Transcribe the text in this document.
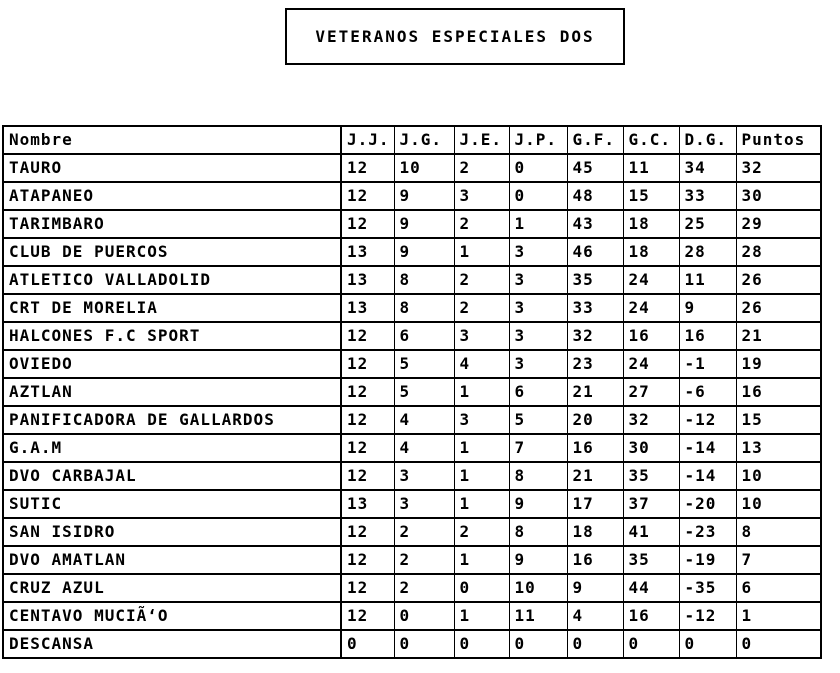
VETERANOS ESPECIALES DOS
Nombre	J.J.	J.G.	J.E.	J.P.	G.F.	G.C.	D.G.	Puntos
TAURO	12	10	2	0	45	11	34	32
ATAPANEO	12	9	3	0	48	15	33	30
TARIMBARO	12	9	2	1	43	18	25	29
CLUB DE PUERCOS	13	9	1	3	46	18	28	28
ATLETICO VALLADOLID	13	8	2	3	35	24	11	26
CRT DE MORELIA	13	8	2	3	33	24	9	26
HALCONES F.C SPORT	12	6	3	3	32	16	16	21
OVIEDO	12	5	4	3	23	24	-1	19
AZTLAN	12	5	1	6	21	27	-6	16
PANIFICADORA DE GALLARDOS	12	4	3	5	20	32	-12	15
G.A.M	12	4	1	7	16	30	-14	13
DVO CARBAJAL	12	3	1	8	21	35	-14	10
SUTIC	13	3	1	9	17	37	-20	10
SAN ISIDRO	12	2	2	8	18	41	-23	8
DVO AMATLAN	12	2	1	9	16	35	-19	7
CRUZ AZUL	12	2	0	10	9	44	-35	6
CENTAVO MUCIÃ‘O	12	0	1	11	4	16	-12	1
DESCANSA	0	0	0	0	0	0	0	0
